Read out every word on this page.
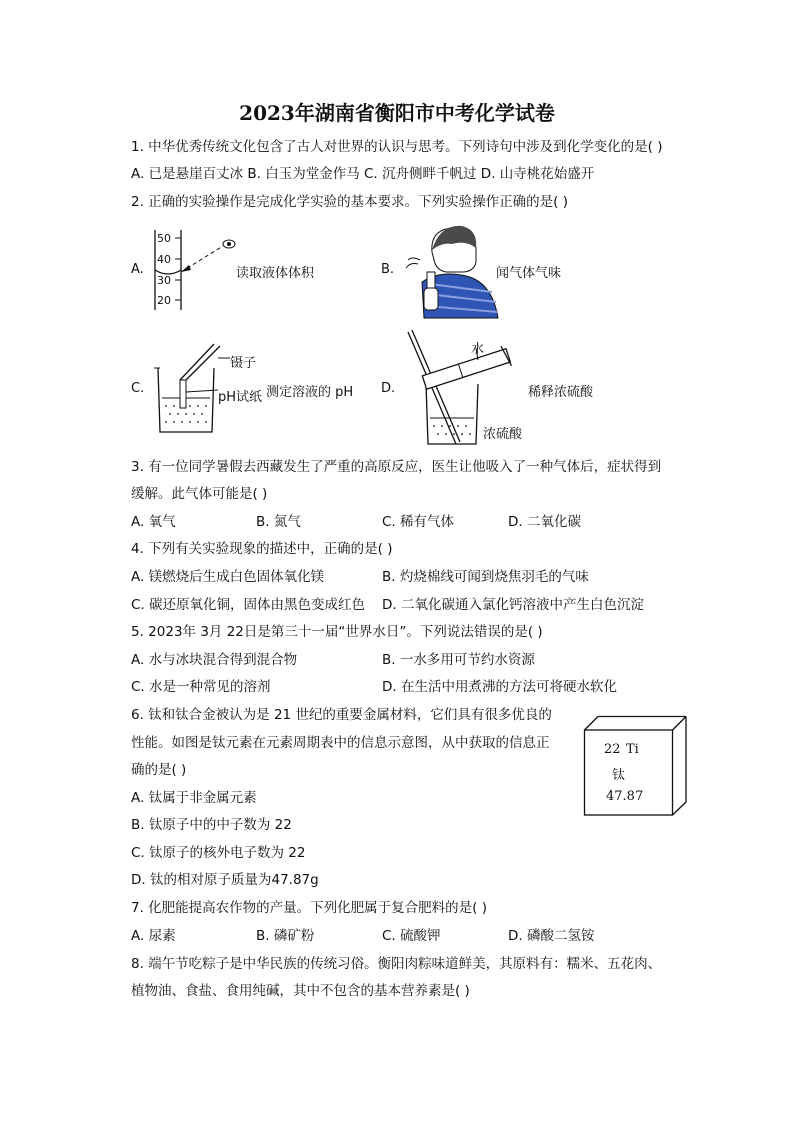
2023年湖南省衡阳市中考化学试卷
1. 中华优秀传统文化包含了古人对世界的认识与思考。下列诗句中涉及到化学变化的是( )
A. 已是悬崖百丈冰 B. 白玉为堂金作马 C. 沉舟侧畔千帆过 D. 山寺桃花始盛开
2. 正确的实验操作是完成化学实验的基本要求。下列实验操作正确的是( )
A.
50
40
30
20
读取液体体积	B.	闻气体气味
C.
镊子
pH试纸 测定溶液的 pH D.
水
稀释浓硫酸
浓硫酸
3. 有一位同学暑假去西藏发生了严重的高原反应，医生让他吸入了一种气体后，症状得到
缓解。此气体可能是( )
A. 氧气	B. 氮气	C. 稀有气体	D. 二氧化碳
4. 下列有关实验现象的描述中，正确的是( )
A. 镁燃烧后生成白色固体氧化镁	B. 灼烧棉线可闻到烧焦羽毛的气味
C. 碳还原氧化铜，固体由黑色变成红色 D. 二氧化碳通入氯化钙溶液中产生白色沉淀
5. 2023年 3月 22日是第三十一届“世界水日”。下列说法错误的是( )
A. 水与冰块混合得到混合物	B. 一水多用可节约水资源
C. 水是一种常见的溶剂	D. 在生活中用煮沸的方法可将硬水软化
6. 钛和钛合金被认为是 21 世纪的重要金属材料，它们具有很多优良的
性能。如图是钛元素在元素周期表中的信息示意图，从中获取的信息正
确的是( )
A. 钛属于非金属元素
B. 钛原子中的中子数为 22
C. 钛原子的核外电子数为 22
D. 钛的相对原子质量为47.87g
22 Ti
钛
47.87
7. 化肥能提高农作物的产量。下列化肥属于复合肥料的是( )
A. 尿素	B. 磷矿粉	C. 硫酸钾	D. 磷酸二氢铵
8. 端午节吃粽子是中华民族的传统习俗。衡阳肉粽味道鲜美，其原料有：糯米、五花肉、
植物油、食盐、食用纯碱，其中不包含的基本营养素是( )
